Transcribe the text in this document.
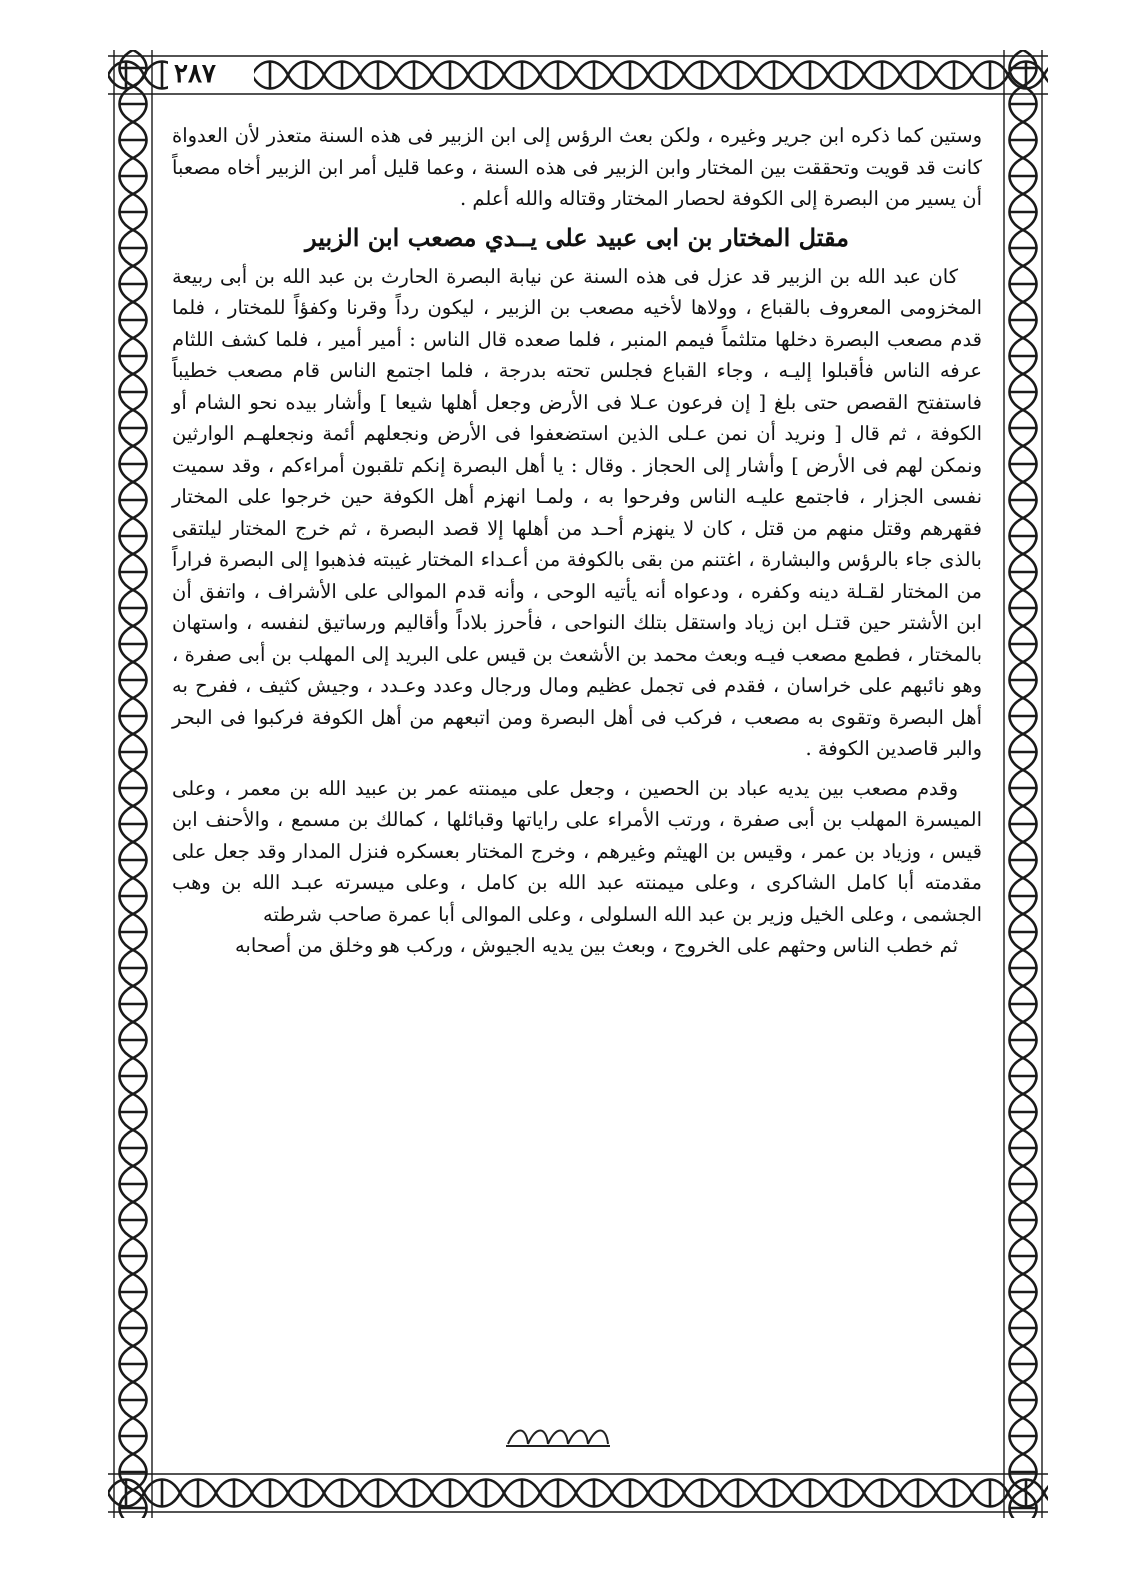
٢٨٧

وستين كما ذكره ابن جرير وغيره ، ولكن بعث الرؤس إلى ابن الزبير فى هذه السنة متعذر لأن العدواة كانت قد قويت وتحققت بين المختار وابن الزبير فى هذه السنة ، وعما قليل أمر ابن الزبير أخاه مصعباً أن يسير من البصرة إلى الكوفة لحصار المختار وقتاله والله أعلم .

مقتل المختار بن ابى عبيد على يــدي مصعب ابن الزبير

كان عبد الله بن الزبير قد عزل فى هذه السنة عن نيابة البصرة الحارث بن عبد الله بن أبى ربيعة المخزومى المعروف بالقباع ، وولاها لأخيه مصعب بن الزبير ، ليكون رداً وقرنا وكفؤاً للمختار ، فلما قدم مصعب البصرة دخلها متلثماً فيمم المنبر ، فلما صعده قال الناس : أمير أمير ، فلما كشف اللثام عرفه الناس فأقبلوا إليـه ، وجاء القباع فجلس تحته بدرجة ، فلما اجتمع الناس قام مصعب خطيباً فاستفتح القصص حتى بلغ [ إن فرعون عـلا فى الأرض وجعل أهلها شيعا ] وأشار بيده نحو الشام أو الكوفة ، ثم قال [ ونريد أن نمن عـلى الذين استضعفوا فى الأرض ونجعلهم أئمة ونجعلهـم الوارثين ونمكن لهم فى الأرض ] وأشار إلى الحجاز . وقال : يا أهل البصرة إنكم تلقبون أمراءكم ، وقد سميت نفسى الجزار ، فاجتمع عليـه الناس وفرحوا به ، ولمـا انهزم أهل الكوفة حين خرجوا على المختار فقهرهم وقتل منهم من قتل ، كان لا ينهزم أحـد من أهلها إلا قصد البصرة ، ثم خرج المختار ليلتقى بالذى جاء بالرؤس والبشارة ، اغتنم من بقى بالكوفة من أعـداء المختار غيبته فذهبوا إلى البصرة فراراً من المختار لقـلة دينه وكفره ، ودعواه أنه يأتيه الوحى ، وأنه قدم الموالى على الأشراف ، واتفق أن ابن الأشتر حين قتـل ابن زياد واستقل بتلك النواحى ، فأحرز بلاداً وأقاليم ورساتيق لنفسه ، واستهان بالمختار ، فطمع مصعب فيـه وبعث محمد بن الأشعث بن قيس على البريد إلى المهلب بن أبى صفرة ، وهو نائبهم على خراسان ، فقدم فى تجمل عظيم ومال ورجال وعدد وعـدد ، وجيش كثيف ، ففرح به أهل البصرة وتقوى به مصعب ، فركب فى أهل البصرة ومن اتبعهم من أهل الكوفة فركبوا فى البحر والبر قاصدين الكوفة .

وقدم مصعب بين يديه عباد بن الحصين ، وجعل على ميمنته عمر بن عبيد الله بن معمر ، وعلى الميسرة المهلب بن أبى صفرة ، ورتب الأمراء على راياتها وقبائلها ، كمالك بن مسمع ، والأحنف ابن قيس ، وزياد بن عمر ، وقيس بن الهيثم وغيرهم ، وخرج المختار بعسكره فنزل المدار وقد جعل على مقدمته أبا كامل الشاكرى ، وعلى ميمنته عبد الله بن كامل ، وعلى ميسرته عبـد الله بن وهب الجشمى ، وعلى الخيل وزير بن عبد الله السلولى ، وعلى الموالى أبا عمرة صاحب شرطته

ثم خطب الناس وحثهم على الخروج ، وبعث بين يديه الجيوش ، وركب هو وخلق من أصحابه
